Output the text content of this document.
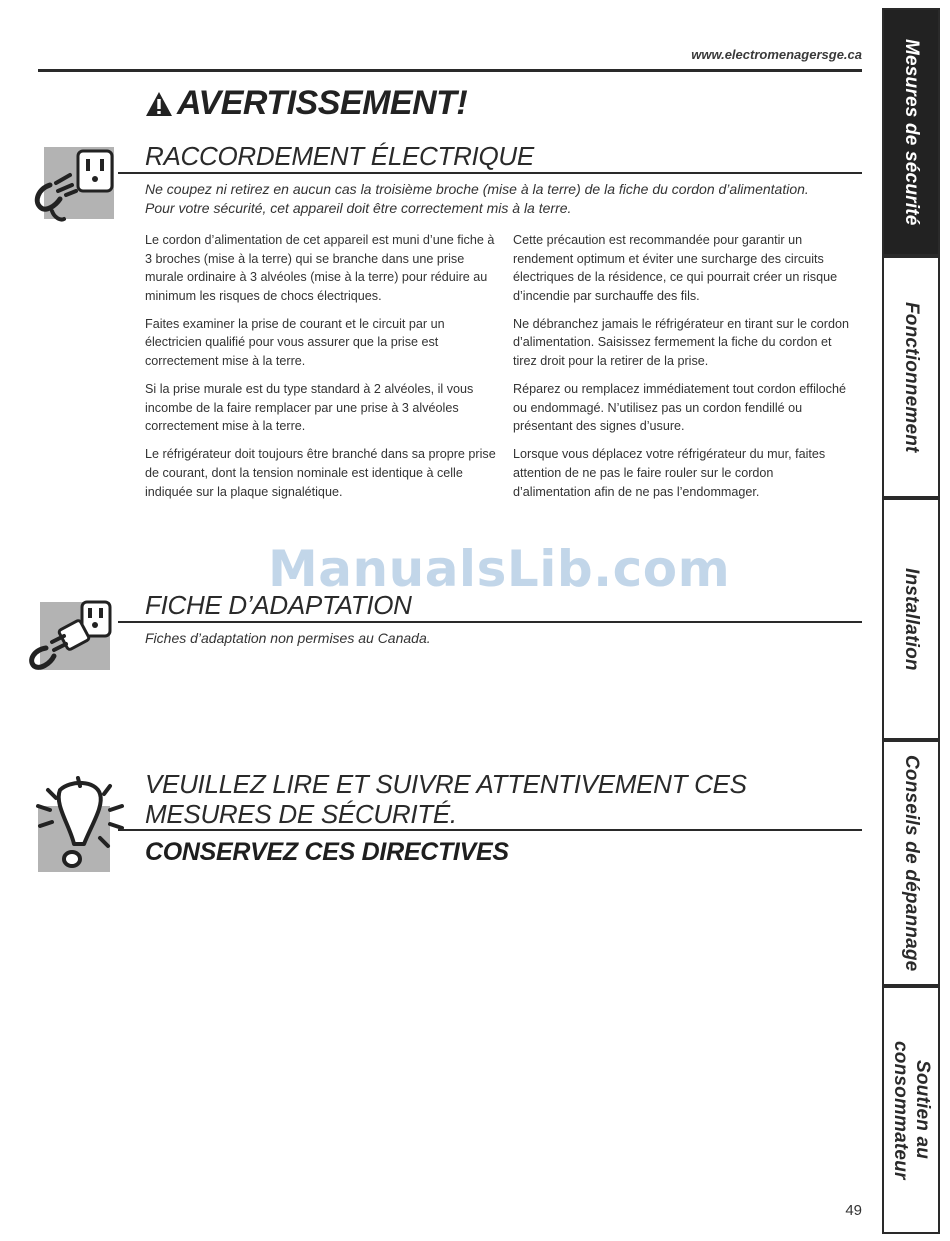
www.electromenagersge.ca
AVERTISSEMENT!
RACCORDEMENT ÉLECTRIQUE
Ne coupez ni retirez en aucun cas la troisième broche (mise à la terre) de la fiche du cordon d’alimentation. Pour votre sécurité, cet appareil doit être correctement mis à la terre.

Le cordon d’alimentation de cet appareil est muni d’une fiche à 3 broches (mise à la terre) qui se branche dans une prise murale ordinaire à 3 alvéoles (mise à la terre) pour réduire au minimum les risques de chocs électriques.

Faites examiner la prise de courant et le circuit par un électricien qualifié pour vous assurer que la prise est correctement mise à la terre.

Si la prise murale est du type standard à 2 alvéoles, il vous incombe de la faire remplacer par une prise à 3 alvéoles correctement mise à la terre.

Le réfrigérateur doit toujours être branché dans sa propre prise de courant, dont la tension nominale est identique à celle indiquée sur la plaque signalétique.

Cette précaution est recommandée pour garantir un rendement optimum et éviter une surcharge des circuits électriques de la résidence, ce qui pourrait créer un risque d’incendie par surchauffe des fils.

Ne débranchez jamais le réfrigérateur en tirant sur le cordon d’alimentation. Saisissez fermement la fiche du cordon et tirez droit pour la retirer de la prise.

Réparez ou remplacez immédiatement tout cordon effiloché ou endommagé. N’utilisez pas un cordon fendillé ou présentant des signes d’usure.

Lorsque vous déplacez votre réfrigérateur du mur, faites attention de ne pas le faire rouler sur le cordon d’alimentation afin de ne pas l’endommager.

ManualsLib.com
FICHE D’ADAPTATION
Fiches d’adaptation non permises au Canada.
VEUILLEZ LIRE ET SUIVRE ATTENTIVEMENT CES MESURES DE SÉCURITÉ.
CONSERVEZ CES DIRECTIVES
Mesures de sécurité
Fonctionnement
Installation
Conseils de dépannage
Soutien au consommateur
49
